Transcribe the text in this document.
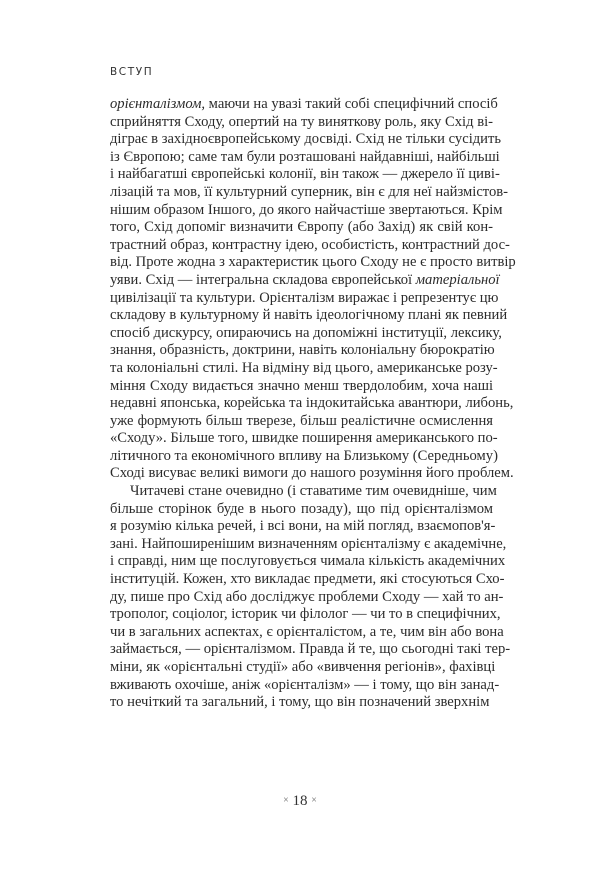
ВСТУП
орієнталізмом, маючи на увазі такий собі специфічний спосіб
сприйняття Сходу, опертий на ту виняткову роль, яку Схід ві-
діграє в західноєвропейському досвіді. Схід не тільки сусідить
із Європою; саме там були розташовані найдавніші, найбільші
і найбагатші європейські колонії, він також — джерело її циві-
лізацій та мов, її культурний суперник, він є для неї найзмістов-
нішим образом Іншого, до якого найчастіше звертаються. Крім
того, Схід допоміг визначити Європу (або Захід) як свій кон-
трастний образ, контрастну ідею, особистість, контрастний дос-
від. Проте жодна з характеристик цього Сходу не є просто витвір
уяви. Схід — інтегральна складова європейської матеріальної
цивілізації та культури. Орієнталізм виражає і репрезентує цю
складову в культурному й навіть ідеологічному плані як певний
спосіб дискурсу, опираючись на допоміжні інституції, лексику,
знання, образність, доктрини, навіть колоніальну бюрократію
та колоніальні стилі. На відміну від цього, американське розу-
міння Сходу видається значно менш твердолобим, хоча наші
недавні японська, корейська та індокитайська авантюри, либонь,
уже формують більш тверезе, більш реалістичне осмислення
«Сходу». Більше того, швидке поширення американського по-
літичного та економічного впливу на Близькому (Середньому)
Сході висуває великі вимоги до нашого розуміння його проблем.
Читачеві стане очевидно (і ставатиме тим очевидніше, чим
більше сторінок буде в нього позаду), що під орієнталізмом
я розумію кілька речей, і всі вони, на мій погляд, взаємопов'я-
зані. Найпоширенішим визначенням орієнталізму є академічне,
і справді, ним ще послуговується чимала кількість академічних
інституцій. Кожен, хто викладає предмети, які стосуються Схо-
ду, пише про Схід або досліджує проблеми Сходу — хай то ан-
трополог, соціолог, історик чи філолог — чи то в специфічних,
чи в загальних аспектах, є орієнталістом, а те, чим він або вона
займається, — орієнталізмом. Правда й те, що сьогодні такі тер-
міни, як «орієнтальні студії» або «вивчення регіонів», фахівці
вживають охочіше, аніж «орієнталізм» — і тому, що він занад-
то нечіткий та загальний, і тому, що він позначений зверхнім
× 18 ×
